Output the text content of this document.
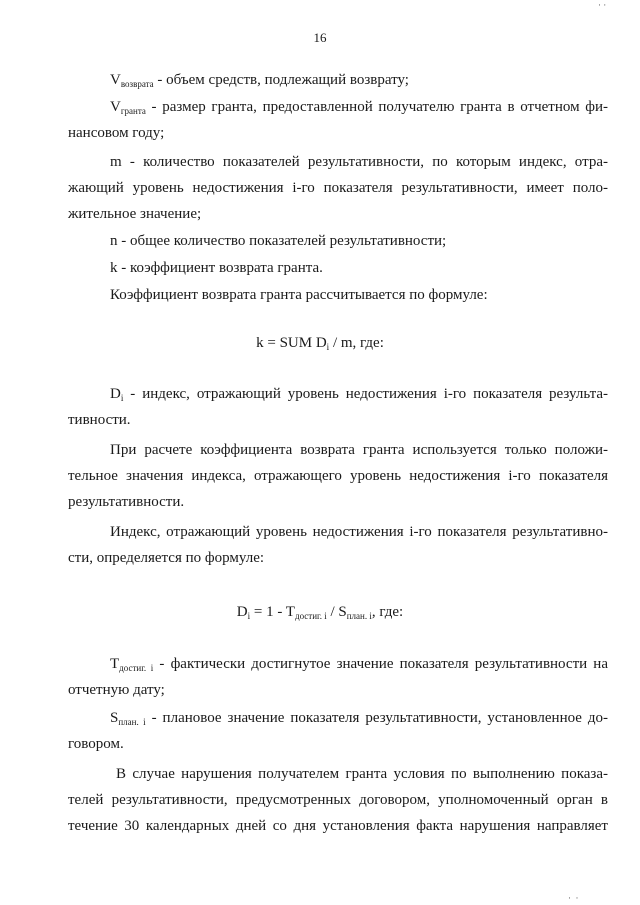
16
$V_{возврата}$ - объем средств, подлежащий возврату;
$V_{гранта}$ - размер гранта, предоставленной получателю гранта в отчетном фи-
нансовом году;
m - количество показателей результативности, по которым индекс, отра-
жающий уровень недостижения i-го показателя результативности, имеет поло-
жительное значение;
n - общее количество показателей результативности;
k - коэффициент возврата гранта.
Коэффициент возврата гранта рассчитывается по формуле:
k = SUM $D_i$ / m, где:
$D_i$ - индекс, отражающий уровень недостижения i-го показателя результа-
тивности.
При расчете коэффициента возврата гранта используется только положи-
тельное значения индекса, отражающего уровень недостижения i-го показателя
результативности.
Индекс, отражающий уровень недостижения i-го показателя результативно-
сти, определяется по формуле:
$D_i = 1 - T_{достиг. i} / S_{план. i}$, где:
$T_{достиг. i}$ - фактически достигнутое значение показателя результативности на
отчетную дату;
$S_{план. i}$ - плановое значение показателя результативности, установленное до-
говором.
В случае нарушения получателем гранта условия по выполнению показа-
телей результативности, предусмотренных договором, уполномоченный орган в
течение 30 календарных дней со дня установления факта нарушения направляет
· ·
·  ·
